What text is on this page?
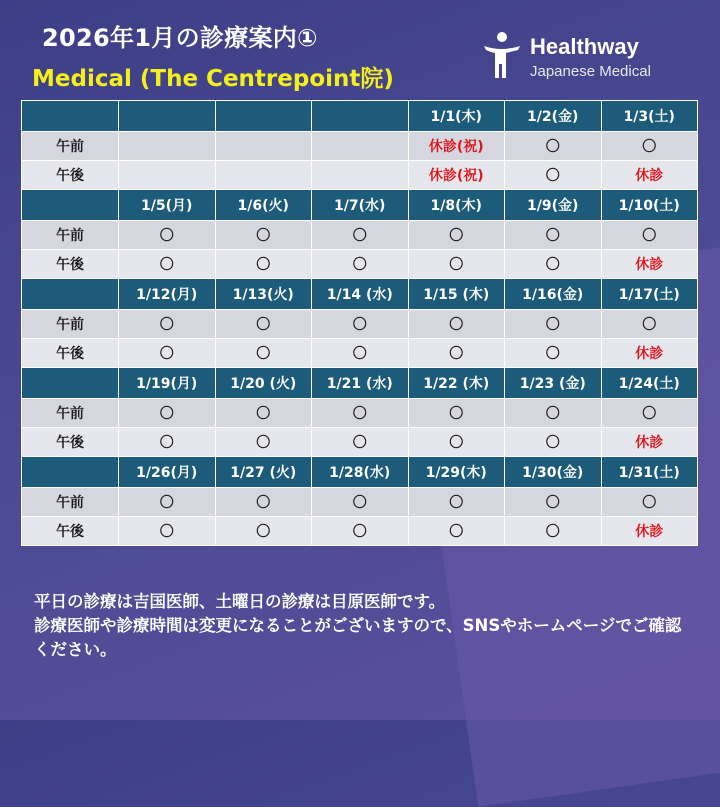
2026年1月の診療案内①
Medical (The Centrepoint院)
Healthway
Japanese Medical
				1/1(木)	1/2(金)	1/3(土)
午前				休診(祝)	〇	〇
午後				休診(祝)	〇	休診
	1/5(月)	1/6(火)	1/7(水)	1/8(木)	1/9(金)	1/10(土)
午前	〇	〇	〇	〇	〇	〇
午後	〇	〇	〇	〇	〇	休診
	1/12(月)	1/13(火)	1/14 (水)	1/15 (木)	1/16(金)	1/17(土)
午前	〇	〇	〇	〇	〇	〇
午後	〇	〇	〇	〇	〇	休診
	1/19(月)	1/20 (火)	1/21 (水)	1/22 (木)	1/23 (金)	1/24(土)
午前	〇	〇	〇	〇	〇	〇
午後	〇	〇	〇	〇	〇	休診
	1/26(月)	1/27 (火)	1/28(水)	1/29(木)	1/30(金)	1/31(土)
午前	〇	〇	〇	〇	〇	〇
午後	〇	〇	〇	〇	〇	休診

平日の診療は吉国医師、土曜日の診療は目原医師です。

診療医師や診療時間は変更になることがございますので、SNSやホームページでご確認ください。
